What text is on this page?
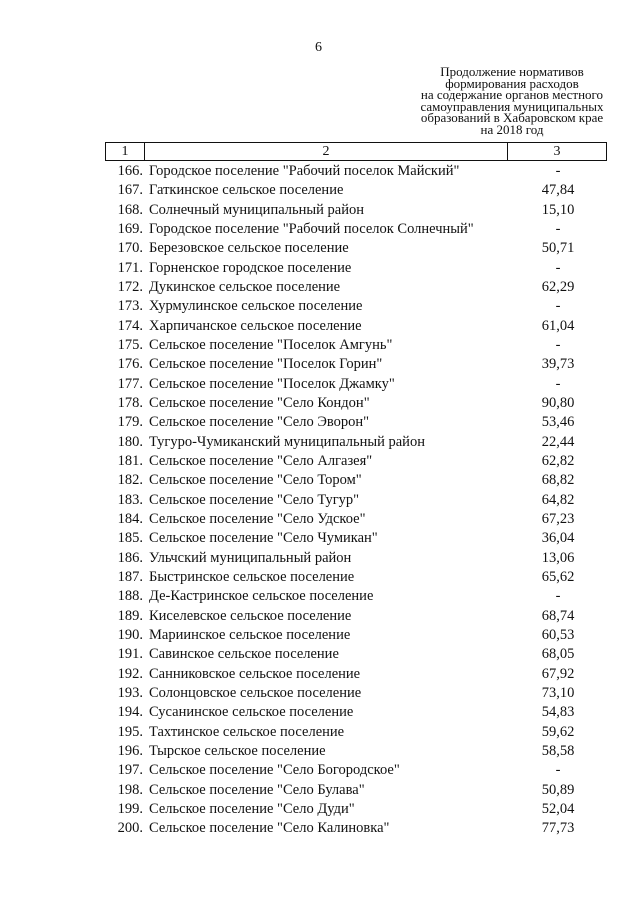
6
Продолжение нормативов
формирования расходов
на содержание органов местного
самоуправления муниципальных
образований в Хабаровском крае
на 2018 год
1	2	3
166. Городское поселение "Рабочий поселок Майский"	-
167. Гаткинское сельское поселение	47,84
168. Солнечный муниципальный район	15,10
169. Городское поселение "Рабочий поселок Солнечный"	-
170. Березовское сельское поселение	50,71
171. Горненское городское поселение	-
172. Дукинское сельское поселение	62,29
173. Хурмулинское сельское поселение	-
174. Харпичанское сельское поселение	61,04
175. Сельское поселение "Поселок Амгунь"	-
176. Сельское поселение "Поселок Горин"	39,73
177. Сельское поселение "Поселок Джамку"	-
178. Сельское поселение "Село Кондон"	90,80
179. Сельское поселение "Село Эворон"	53,46
180. Тугуро-Чумиканский муниципальный район	22,44
181. Сельское поселение "Село Алгазея"	62,82
182. Сельское поселение "Село Тором"	68,82
183. Сельское поселение "Село Тугур"	64,82
184. Сельское поселение "Село Удское"	67,23
185. Сельское поселение "Село Чумикан"	36,04
186. Ульчский муниципальный район	13,06
187. Быстринское сельское поселение	65,62
188. Де-Кастринское сельское поселение	-
189. Киселевское сельское поселение	68,74
190. Мариинское сельское поселение	60,53
191. Савинское сельское поселение	68,05
192. Санниковское сельское поселение	67,92
193. Солонцовское сельское поселение	73,10
194. Сусанинское сельское поселение	54,83
195. Тахтинское сельское поселение	59,62
196. Тырское сельское поселение	58,58
197. Сельское поселение "Село Богородское"	-
198. Сельское поселение "Село Булава"	50,89
199. Сельское поселение "Село Дуди"	52,04
200. Сельское поселение "Село Калиновка"	77,73
